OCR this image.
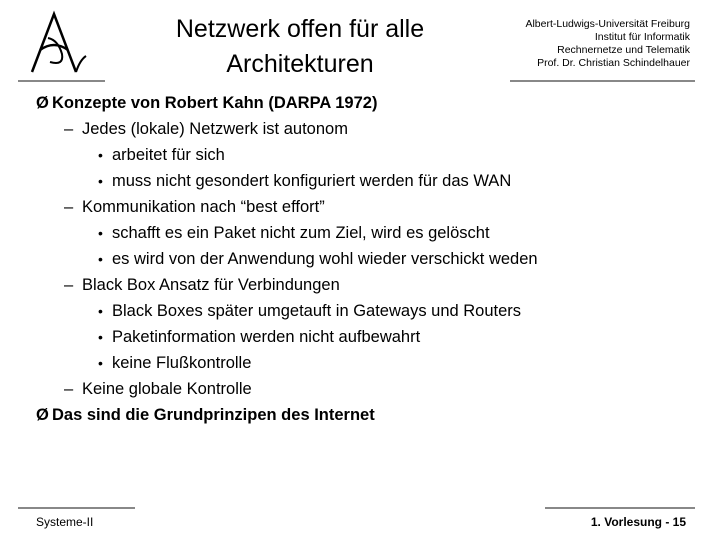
Netzwerk offen für alle
Architekturen
Albert-Ludwigs-Universität Freiburg
Institut für Informatik
Rechnernetze und Telematik
Prof. Dr. Christian Schindelhauer
Ø Konzepte von Robert Kahn (DARPA 1972)
– Jedes (lokale) Netzwerk ist autonom
• arbeitet für sich
• muss nicht gesondert konfiguriert werden für das WAN
– Kommunikation nach “best effort”
• schafft es ein Paket nicht zum Ziel, wird es gelöscht
• es wird von der Anwendung wohl wieder verschickt weden
– Black Box Ansatz für Verbindungen
• Black Boxes später umgetauft in Gateways und Routers
• Paketinformation werden nicht aufbewahrt
• keine Flußkontrolle
– Keine globale Kontrolle
Ø Das sind die Grundprinzipen des Internet
Systeme-II	1. Vorlesung - 15
